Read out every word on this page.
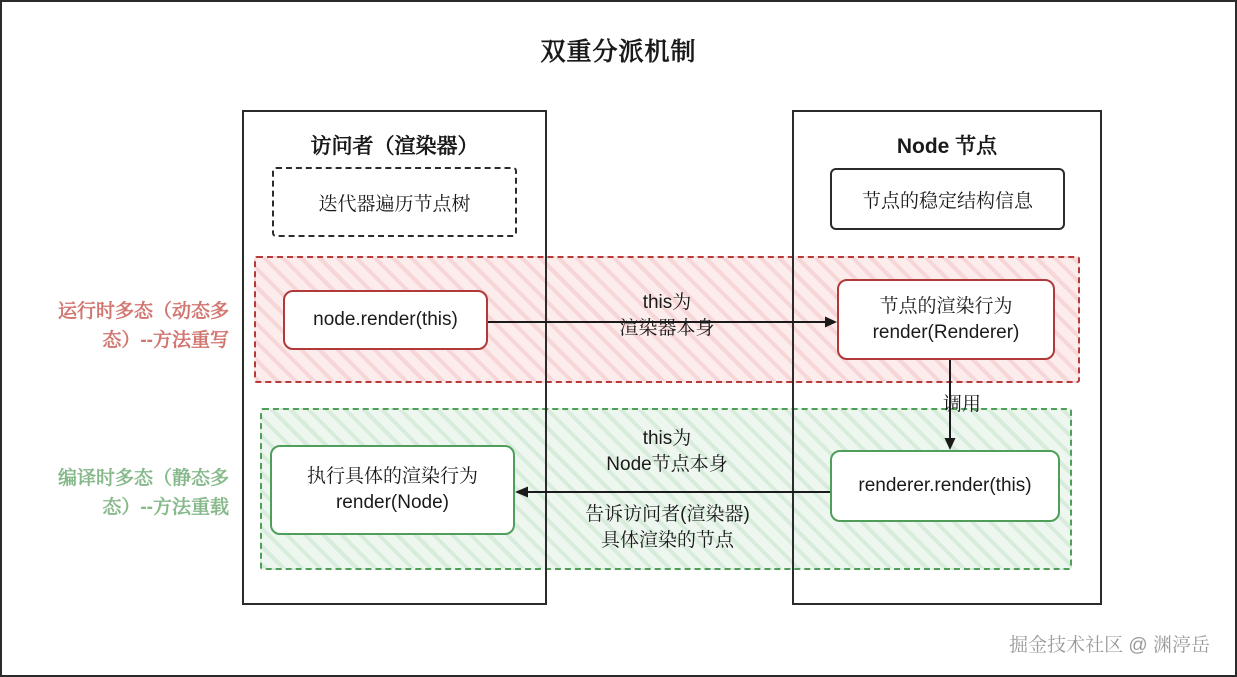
双重分派机制
访问者（渲染器）	Node 节点
迭代器遍历节点树	节点的稳定结构信息
运行时多态（动态多态）--方法重写
编译时多态（静态多态）--方法重载
node.render(this)
节点的渲染行为
render(Renderer)
执行具体的渲染行为
render(Node)
renderer.render(this)
this为
渲染器本身
调用
this为
Node节点本身
告诉访问者(渲染器)
具体渲染的节点
掘金技术社区 @ 渊渟岳
